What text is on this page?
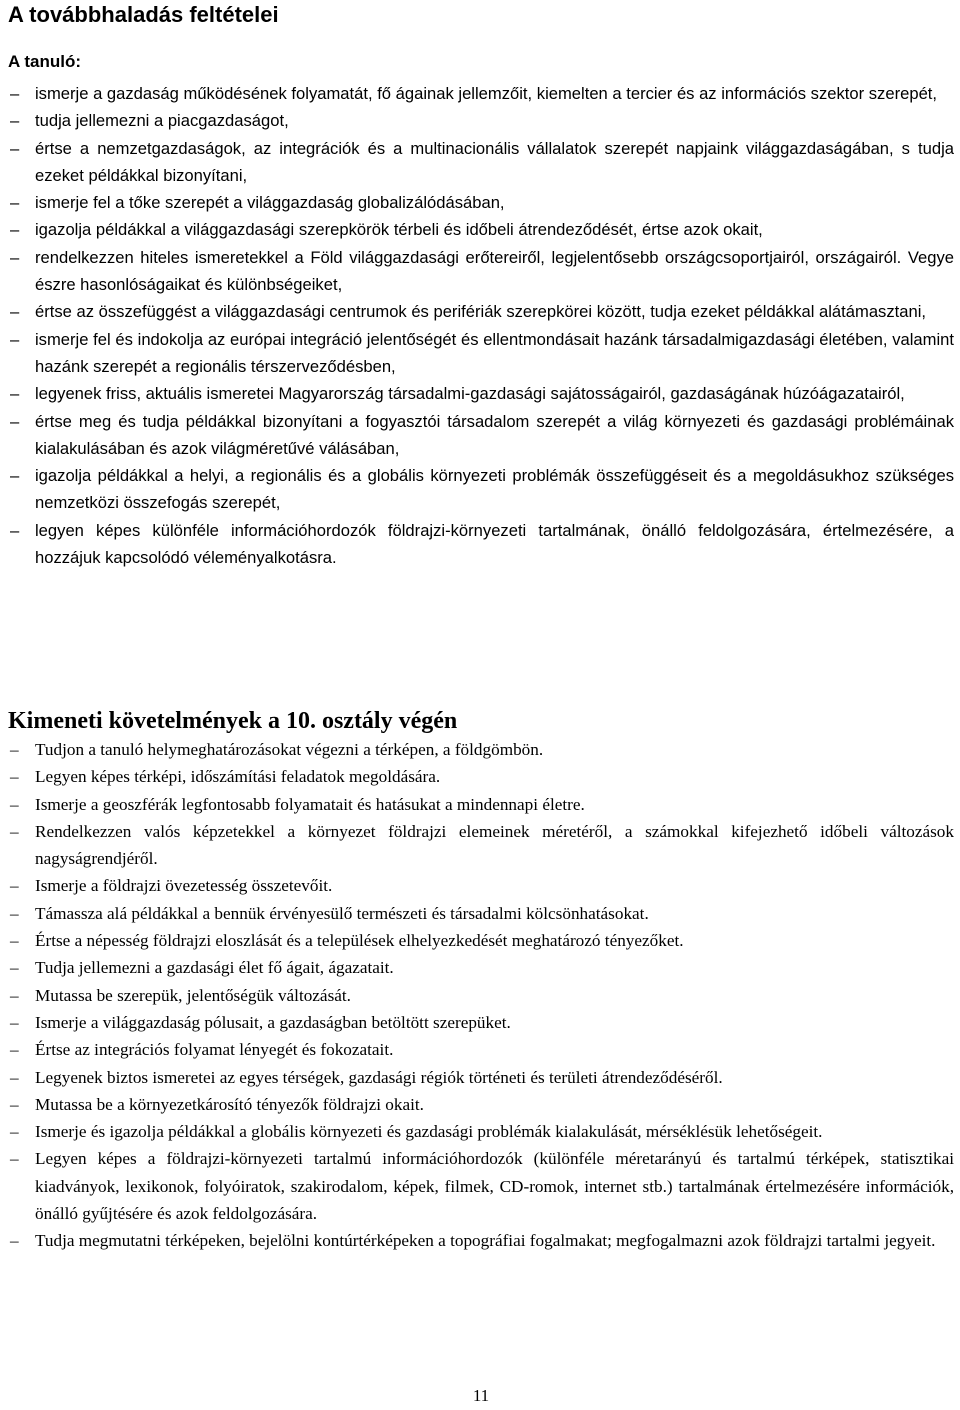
A továbbhaladás feltételei
A tanuló:
– ismerje a gazdaság működésének folyamatát, fő ágainak jellemzőit, kiemelten a tercier és az információs szektor szerepét,
– tudja jellemezni a piacgazdaságot,
– értse a nemzetgazdaságok, az integrációk és a multinacionális vállalatok szerepét napjaink világgazdaságában, s tudja ezeket példákkal bizonyítani,
– ismerje fel a tőke szerepét a világgazdaság globalizálódásában,
– igazolja példákkal a világgazdasági szerepkörök térbeli és időbeli átrendeződését, értse azok okait,
– rendelkezzen hiteles ismeretekkel a Föld világgazdasági erőtereiről, legjelentősebb országcsoportjairól, országairól. Vegye észre hasonlóságaikat és különbségeiket,
– értse az összefüggést a világgazdasági centrumok és perifériák szerepkörei között, tudja ezeket példákkal alátámasztani,
– ismerje fel és indokolja az európai integráció jelentőségét és ellentmondásait hazánk társadalmigazdasági életében, valamint hazánk szerepét a regionális térszerveződésben,
– legyenek friss, aktuális ismeretei Magyarország társadalmi-gazdasági sajátosságairól, gazdaságának húzóágazatairól,
– értse meg és tudja példákkal bizonyítani a fogyasztói társadalom szerepét a világ környezeti és gazdasági problémáinak kialakulásában és azok világméretűvé válásában,
– igazolja példákkal a helyi, a regionális és a globális környezeti problémák összefüggéseit és a megoldásukhoz szükséges nemzetközi összefogás szerepét,
– legyen képes különféle információhordozók földrajzi-környezeti tartalmának, önálló feldolgozására, értelmezésére, a hozzájuk kapcsolódó véleményalkotásra.
Kimeneti követelmények a 10. osztály végén
– Tudjon a tanuló helymeghatározásokat végezni a térképen, a földgömbön.
– Legyen képes térképi, időszámítási feladatok megoldására.
– Ismerje a geoszférák legfontosabb folyamatait és hatásukat a mindennapi életre.
– Rendelkezzen valós képzetekkel a környezet földrajzi elemeinek méretéről, a számokkal kifejezhető időbeli változások nagyságrendjéről.
– Ismerje a földrajzi övezetesség összetevőit.
– Támassza alá példákkal a bennük érvényesülő természeti és társadalmi kölcsönhatásokat.
– Értse a népesség földrajzi eloszlását és a települések elhelyezkedését meghatározó tényezőket.
– Tudja jellemezni a gazdasági élet fő ágait, ágazatait.
– Mutassa be szerepük, jelentőségük változását.
– Ismerje a világgazdaság pólusait, a gazdaságban betöltött szerepüket.
– Értse az integrációs folyamat lényegét és fokozatait.
– Legyenek biztos ismeretei az egyes térségek, gazdasági régiók történeti és területi átrendeződéséről.
– Mutassa be a környezetkárosító tényezők földrajzi okait.
– Ismerje és igazolja példákkal a globális környezeti és gazdasági problémák kialakulását, mérséklésük lehetőségeit.
– Legyen képes a földrajzi-környezeti tartalmú információhordozók (különféle méretarányú és tartalmú térképek, statisztikai kiadványok, lexikonok, folyóiratok, szakirodalom, képek, filmek, CD-romok, internet stb.) tartalmának értelmezésére információk, önálló gyűjtésére és azok feldolgozására.
– Tudja megmutatni térképeken, bejelölni kontúrtérképeken a topográfiai fogalmakat; megfogalmazni azok földrajzi tartalmi jegyeit.
11
